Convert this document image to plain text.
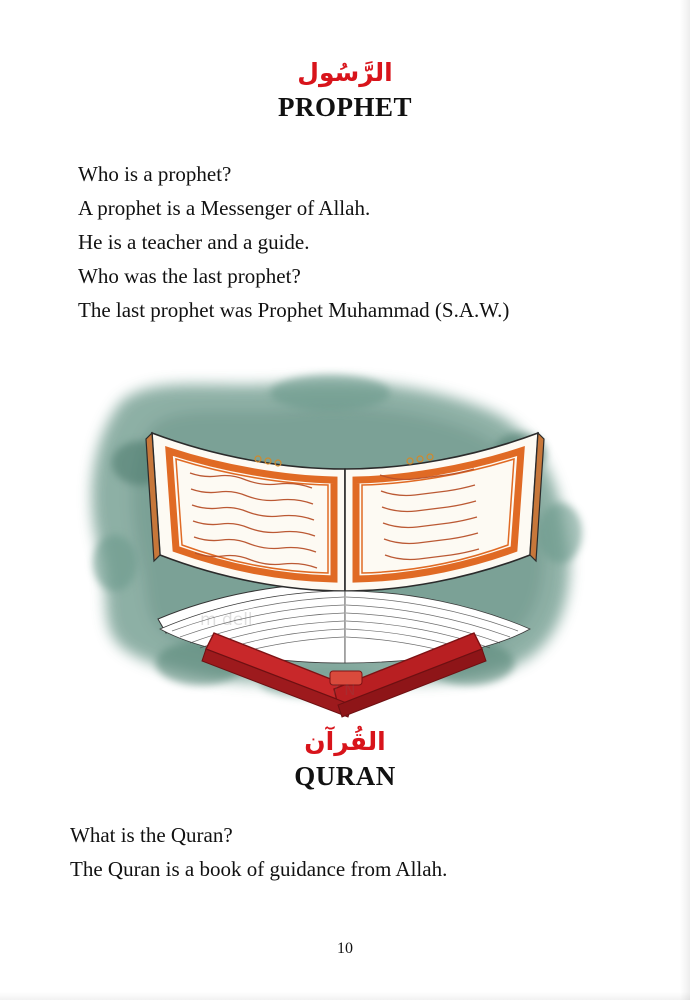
الرَّسُول
PROPHET

Who is a prophet?

A prophet is a Messenger of Allah.

He is a teacher and a guide.

Who was the last prophet?

The last prophet was Prophet Muhammad (S.A.W.)

m dell
7 N
القُرآن
QURAN

What is the Quran?

The Quran is a book of guidance from Allah.

10
